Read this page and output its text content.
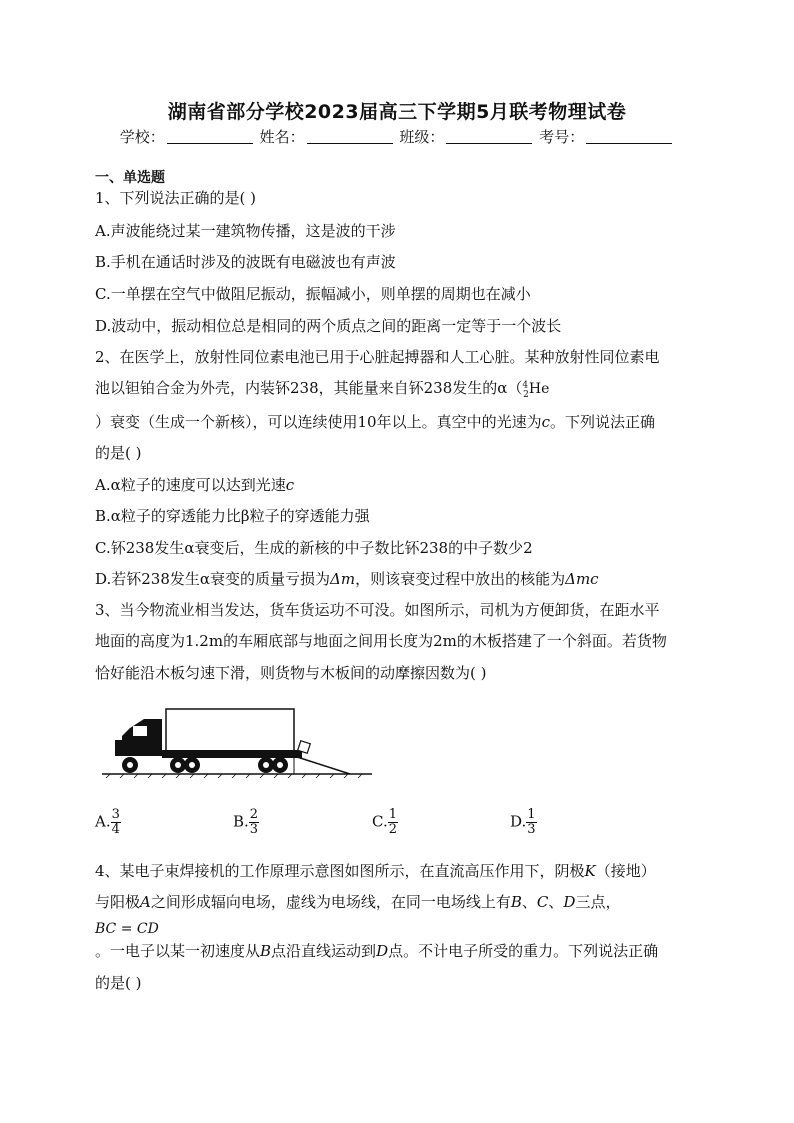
湖南省部分学校2023届高三下学期5月联考物理试卷
学校：	姓名：	班级：	考号：
一、单选题
1、下列说法正确的是( )
A.声波能绕过某一建筑物传播，这是波的干涉
B.手机在通话时涉及的波既有电磁波也有声波
C.一单摆在空气中做阻尼振动，振幅减小，则单摆的周期也在减小
D.波动中，振动相位总是相同的两个质点之间的距离一定等于一个波长
2、在医学上，放射性同位素电池已用于心脏起搏器和人工心脏。某种放射性同位素电
池以钽铂合金为外壳，内装钚238，其能量来自钚238发生的α（$^4_2$He
）衰变（生成一个新核），可以连续使用10年以上。真空中的光速为c。下列说法正确
的是( )
A.α粒子的速度可以达到光速c
B.α粒子的穿透能力比β粒子的穿透能力强
C.钚238发生α衰变后，生成的新核的中子数比钚238的中子数少2
D.若钚238发生α衰变的质量亏损为Δm，则该衰变过程中放出的核能为Δmc
3、当今物流业相当发达，货车货运功不可没。如图所示，司机为方便卸货，在距水平
地面的高度为1.2m的车厢底部与地面之间用长度为2m的木板搭建了一个斜面。若货物
恰好能沿木板匀速下滑，则货物与木板间的动摩擦因数为( )
A. $\frac{3}{4}$	B. $\frac{2}{3}$	C. $\frac{1}{2}$	D. $\frac{1}{3}$
4、某电子束焊接机的工作原理示意图如图所示，在直流高压作用下，阴极K（接地）
与阳极A之间形成辐向电场，虚线为电场线，在同一电场线上有B、C、D三点，
BC = CD
。一电子以某一初速度从B点沿直线运动到D点。不计电子所受的重力。下列说法正确
的是( )
